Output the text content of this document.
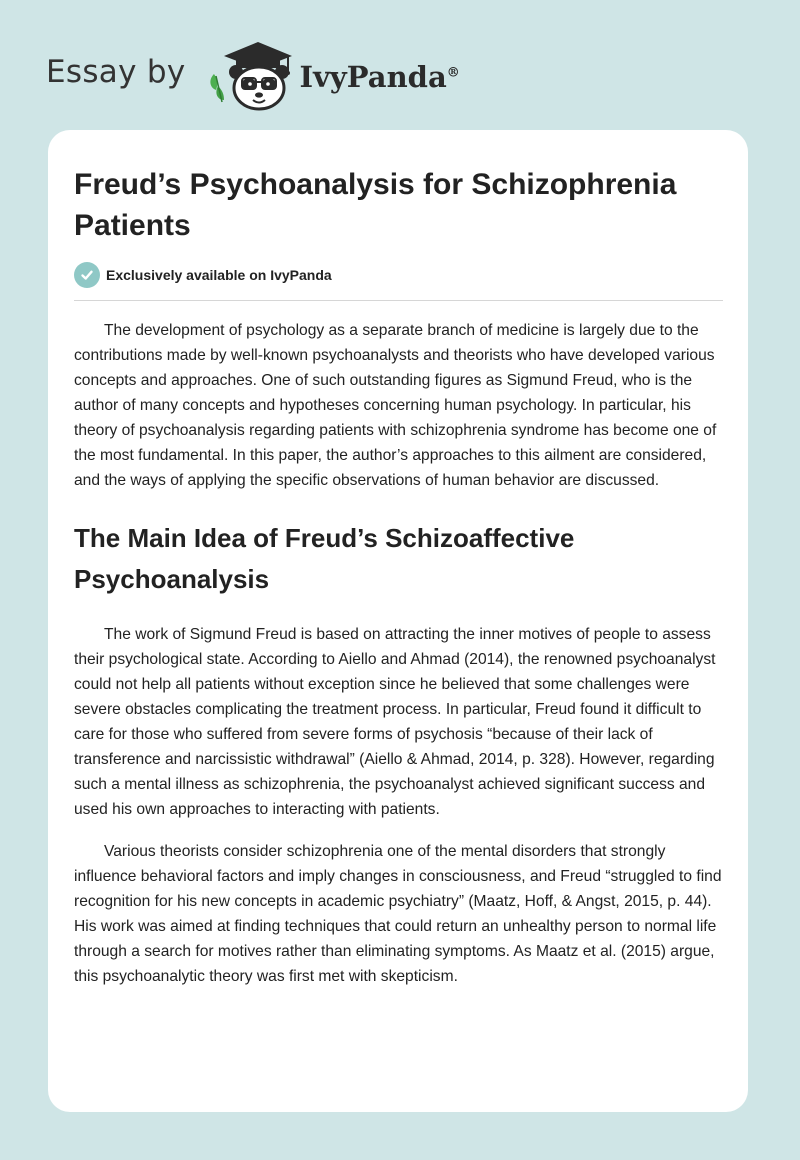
Essay by	IvyPanda®
Freud’s Psychoanalysis for Schizophrenia Patients
Exclusively available on IvyPanda

The development of psychology as a separate branch of medicine is largely due to the contributions made by well-known psychoanalysts and theorists who have developed various concepts and approaches. One of such outstanding figures as Sigmund Freud, who is the author of many concepts and hypotheses concerning human psychology. In particular, his theory of psychoanalysis regarding patients with schizophrenia syndrome has become one of the most fundamental. In this paper, the author’s approaches to this ailment are considered, and the ways of applying the specific observations of human behavior are discussed.

The Main Idea of Freud’s Schizoaffective Psychoanalysis

The work of Sigmund Freud is based on attracting the inner motives of people to assess their psychological state. According to Aiello and Ahmad (2014), the renowned psychoanalyst could not help all patients without exception since he believed that some challenges were severe obstacles complicating the treatment process. In particular, Freud found it difficult to care for those who suffered from severe forms of psychosis “because of their lack of transference and narcissistic withdrawal” (Aiello & Ahmad, 2014, p. 328). However, regarding such a mental illness as schizophrenia, the psychoanalyst achieved significant success and used his own approaches to interacting with patients.

Various theorists consider schizophrenia one of the mental disorders that strongly influence behavioral factors and imply changes in consciousness, and Freud “struggled to find recognition for his new concepts in academic psychiatry” (Maatz, Hoff, & Angst, 2015, p. 44). His work was aimed at finding techniques that could return an unhealthy person to normal life through a search for motives rather than eliminating symptoms. As Maatz et al. (2015) argue, this psychoanalytic theory was first met with skepticism.
